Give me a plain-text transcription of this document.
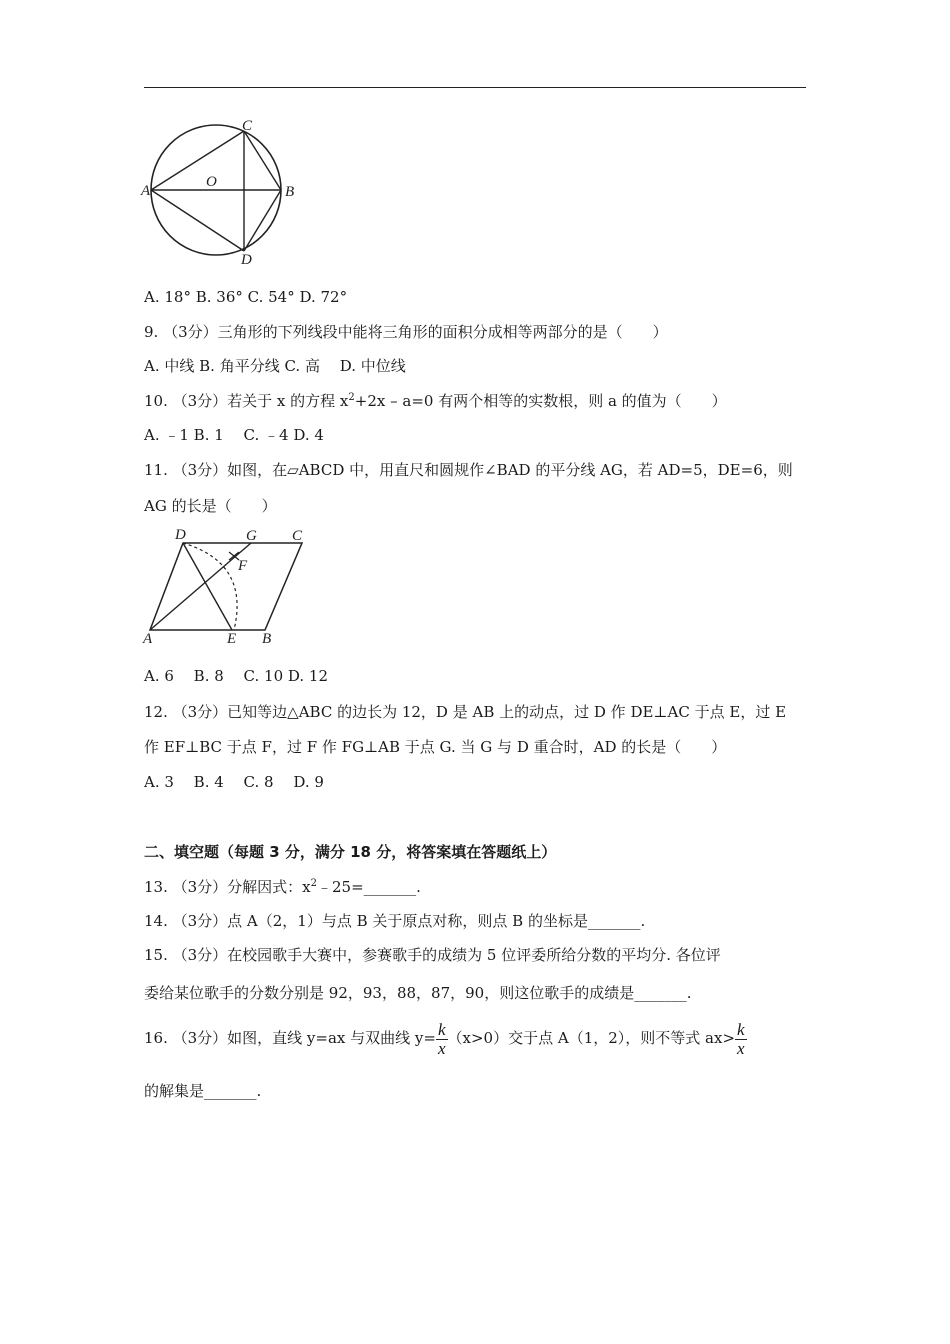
A	B
C
D
O
A. 18° B. 36° C. 54° D. 72°
9. （3分）三角形的下列线段中能将三角形的面积分成相等两部分的是（　　）
A. 中线 B. 角平分线 C. 高　 D. 中位线
10. （3分）若关于 x 的方程 $x^2+2x - a=0$ 有两个相等的实数根，则 a 的值为（　　）
A. ﹣1 B. 1　 C. ﹣4 D. 4
11. （3分）如图，在▱ABCD 中，用直尺和圆规作∠BAD 的平分线 AG，若 AD=5，DE=6，则
AG 的长是（　　）
A	B
C
D
E
F
G
A. 6　 B. 8　 C. 10 D. 12
12. （3分）已知等边△ABC 的边长为 12，D 是 AB 上的动点，过 D 作 DE⊥AC 于点 E，过 E
作 EF⊥BC 于点 F，过 F 作 FG⊥AB 于点 G. 当 G 与 D 重合时，AD 的长是（　　）
A. 3　 B. 4　 C. 8　 D. 9
二、填空题（每题 3 分，满分 18 分，将答案填在答题纸上）
13. （3分）分解因式：$x^2﹣25=\_\_\_\_\_\_\_$.
14. （3分）点 A（2，1）与点 B 关于原点对称，则点 B 的坐标是_______.
15. （3分）在校园歌手大赛中，参赛歌手的成绩为 5 位评委所给分数的平均分. 各位评
委给某位歌手的分数分别是 92，93，88，87，90，则这位歌手的成绩是_______.
16. （3分）如图，直线 y=ax 与双曲线 $y= \frac{k}{x} (x>0)$交于点 A（1，2），则不等式 $ax> \frac{k}{x}$
的解集是_______.
